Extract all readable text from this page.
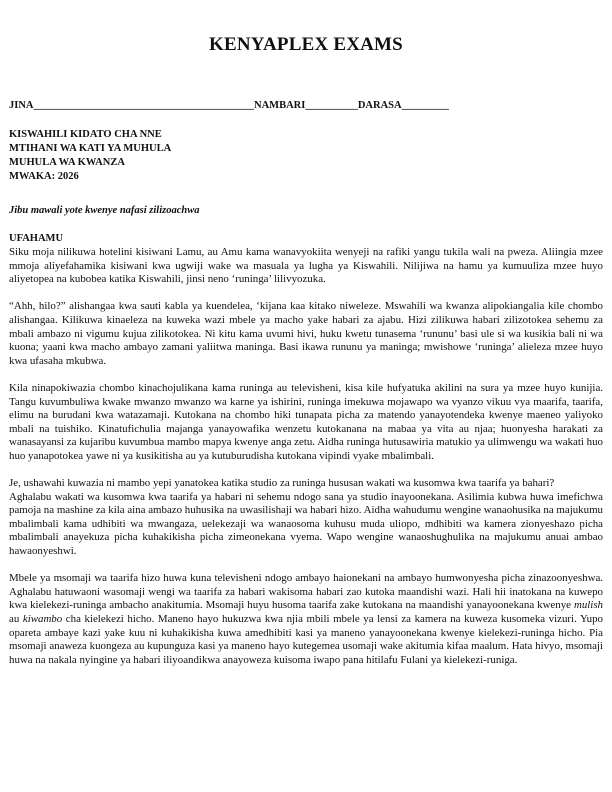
KENYAPLEX EXAMS
JINA__________________________________________NAMBARI__________DARASA_________
KISWAHILI KIDATO CHA NNE
MTIHANI WA KATI YA MUHULA
MUHULA WA KWANZA
MWAKA: 2026
Jibu mawali yote kwenye nafasi zilizoachwa
UFAHAMU

Siku moja nilikuwa hotelini kisiwani Lamu, au Amu kama wanavyokiita wenyeji na rafiki yangu tukila wali na pweza. Aliingia mzee mmoja aliyefahamika kisiwani kwa ugwiji wake wa masuala ya lugha ya Kiswahili. Nilijiwa na hamu ya kumuuliza mzee huyo aliyetopea na kubobea katika Kiswahili, jinsi neno ‘runinga’ lilivyozuka.

“Ahh, hilo?” alishangaa kwa sauti kabla ya kuendelea, ‘kijana kaa kitako niweleze. Mswahili wa kwanza alipokiangalia kile chombo alishangaa. Kilikuwa kinaeleza na kuweka wazi mbele ya macho yake habari za ajabu. Hizi zilikuwa habari zilizotokea sehemu za mbali ambazo ni vigumu kujua zilikotokea. Ni kitu kama uvumi hivi, huku kwetu tunasema ‘rununu’ basi ule si wa kusikia bali ni wa kuona; yaani kwa macho ambayo zamani yaliitwa maninga. Basi ikawa rununu ya maninga; mwishowe ‘runinga’ alieleza mzee huyo kwa ufasaha mkubwa.

Kila ninapokiwazia chombo kinachojulikana kama runinga au televisheni, kisa kile hufyatuka akilini na sura ya mzee huyo kunijia. Tangu kuvumbuliwa kwake mwanzo mwanzo wa karne ya ishirini, runinga imekuwa mojawapo wa vyanzo vikuu vya maarifa, taarifa, elimu na burudani kwa watazamaji. Kutokana na chombo hiki tunapata picha za matendo yanayotendeka kwenye maeneo yaliyoko mbali na tuishiko. Kinatufichulia majanga yanayowafika wenzetu kutokanana na mabaa ya vita au njaa; huonyesha harakati za wanasayansi za kujaribu kuvumbua mambo mapya kwenye anga zetu. Aidha runinga hutusawiria matukio ya ulimwengu wa wakati huo huo yanapotokea yawe ni ya kusikitisha au ya kutuburudisha kutokana vipindi vyake mbalimbali.

Je, ushawahi kuwazia ni mambo yepi yanatokea katika studio za runinga hususan wakati wa kusomwa kwa taarifa ya bahari?

Aghalabu wakati wa kusomwa kwa taarifa ya habari ni sehemu ndogo sana ya studio inayoonekana. Asilimia kubwa huwa imefichwa pamoja na mashine za kila aina ambazo huhusika na uwasilishaji wa habari hizo. Aidha wahudumu wengine wanaohusika na majukumu mbalimbali kama udhibiti wa mwangaza, uelekezaji wa wanaosoma kuhusu muda uliopo, mdhibiti wa kamera zionyeshazo picha mbalimbali anayekuza picha kuhakikisha picha zimeonekana vyema. Wapo wengine wanaoshughulika na majukumu anuai ambao hawaonyeshwi.

Mbele ya msomaji wa taarifa hizo huwa kuna televisheni ndogo ambayo haionekani na ambayo humwonyesha picha zinazoonyeshwa. Aghalabu hatuwaoni wasomaji wengi wa taarifa za habari wakisoma habari zao kutoka maandishi wazi. Hali hii inatokana na kuwepo kwa kielekezi-runinga ambacho anakitumia. Msomaji huyu husoma taarifa zake kutokana na maandishi yanayoonekana kwenye mulish au kiwambo cha kielekezi hicho. Maneno hayo hukuzwa kwa njia mbili mbele ya lensi za kamera na kuweza kusomeka vizuri. Yupo opareta ambaye kazi yake kuu ni kuhakikisha kuwa amedhibiti kasi ya maneno yanayoonekana kwenye kielekezi-runinga hicho. Pia msomaji anaweza kuongeza au kupunguza kasi ya maneno hayo kutegemea usomaji wake akitumia kifaa maalum. Hata hivyo, msomaji huwa na nakala nyingine ya habari iliyoandikwa anayoweza kuisoma iwapo pana hitilafu Fulani ya kielekezi-runiga.
